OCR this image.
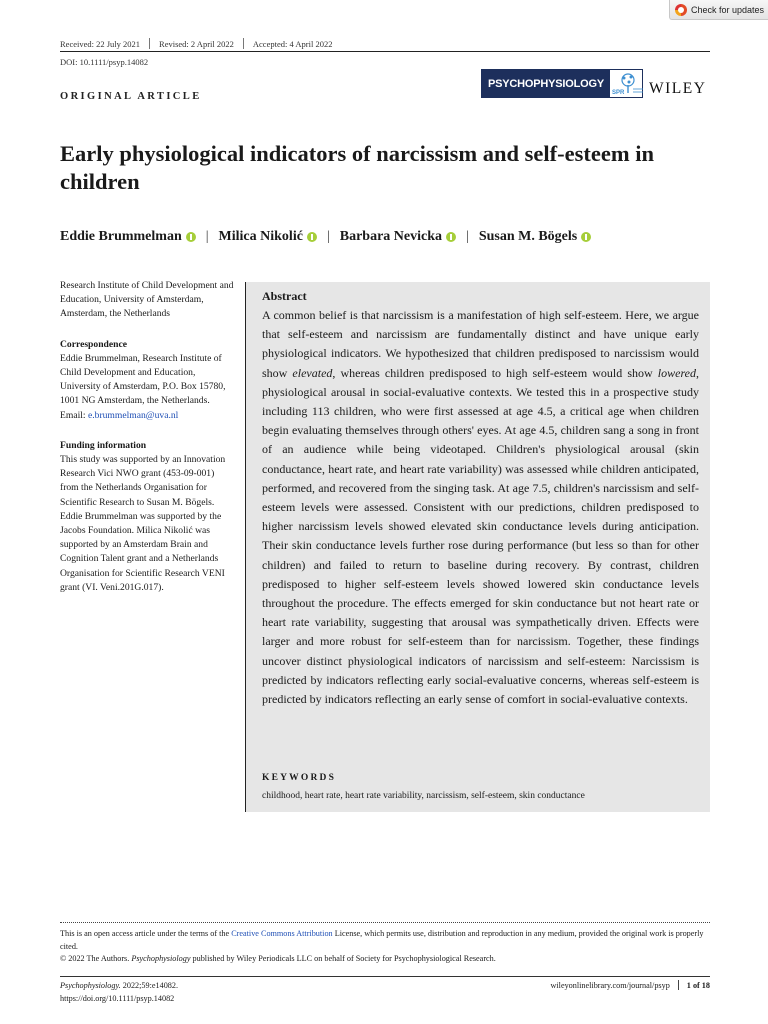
Check for updates
Received: 22 July 2021 Revised: 2 April 2022 Accepted: 4 April 2022
DOI: 10.1111/psyp.14082
ORIGINAL ARTICLE
PSYCHOPHYSIOLOGY
SPR WILEY
Early physiological indicators of narcissism and self-esteem in children
Eddie Brummelman | Milica Nikolić | Barbara Nevicka | Susan M. Bögels

Research Institute of Child Development and Education, University of Amsterdam, Amsterdam, the Netherlands

Correspondence

Eddie Brummelman, Research Institute of Child Development and Education, University of Amsterdam, P.O. Box 15780, 1001 NG Amsterdam, the Netherlands.

Email: e.brummelman@uva.nl

Funding information

This study was supported by an Innovation Research Vici NWO grant (453-09-001) from the Netherlands Organisation for Scientific Research to Susan M. Bögels. Eddie Brummelman was supported by the Jacobs Foundation. Milica Nikolić was supported by an Amsterdam Brain and Cognition Talent grant and a Netherlands Organisation for Scientific Research VENI grant (VI. Veni.201G.017).

Abstract
A common belief is that narcissism is a manifestation of high self-esteem. Here, we argue that self-esteem and narcissism are fundamentally distinct and have unique early physiological indicators. We hypothesized that children predisposed to narcissism would show elevated, whereas children predisposed to high self-esteem would show lowered, physiological arousal in social-evaluative contexts. We tested this in a prospective study including 113 children, who were first assessed at age 4.5, a critical age when children begin evaluating themselves through others' eyes. At age 4.5, children sang a song in front of an audience while being videotaped. Children's physiological arousal (skin conductance, heart rate, and heart rate variability) was assessed while children anticipated, performed, and recovered from the singing task. At age 7.5, children's narcissism and self-esteem levels were assessed. Consistent with our predictions, children predisposed to higher narcissism levels showed elevated skin conductance levels during anticipation. Their skin conductance levels further rose during performance (but less so than for other children) and failed to return to baseline during recovery. By contrast, children predisposed to higher self-esteem levels showed lowered skin conductance levels throughout the procedure. The effects emerged for skin conductance but not heart rate or heart rate variability, suggesting that arousal was sympathetically driven. Effects were larger and more robust for self-esteem than for narcissism. Together, these findings uncover distinct physiological indicators of narcissism and self-esteem: Narcissism is predicted by indicators reflecting early social-evaluative concerns, whereas self-esteem is predicted by indicators reflecting an early sense of comfort in social-evaluative contexts.
KEYWORDS
childhood, heart rate, heart rate variability, narcissism, self-esteem, skin conductance
This is an open access article under the terms of the Creative Commons Attribution License, which permits use, distribution and reproduction in any medium, provided the original work is properly cited.
© 2022 The Authors. Psychophysiology published by Wiley Periodicals LLC on behalf of Society for Psychophysiological Research.
Psychophysiology. 2022;59:e14082.
https://doi.org/10.1111/psyp.14082
wileyonlinelibrary.com/journal/psyp 1 of 18
